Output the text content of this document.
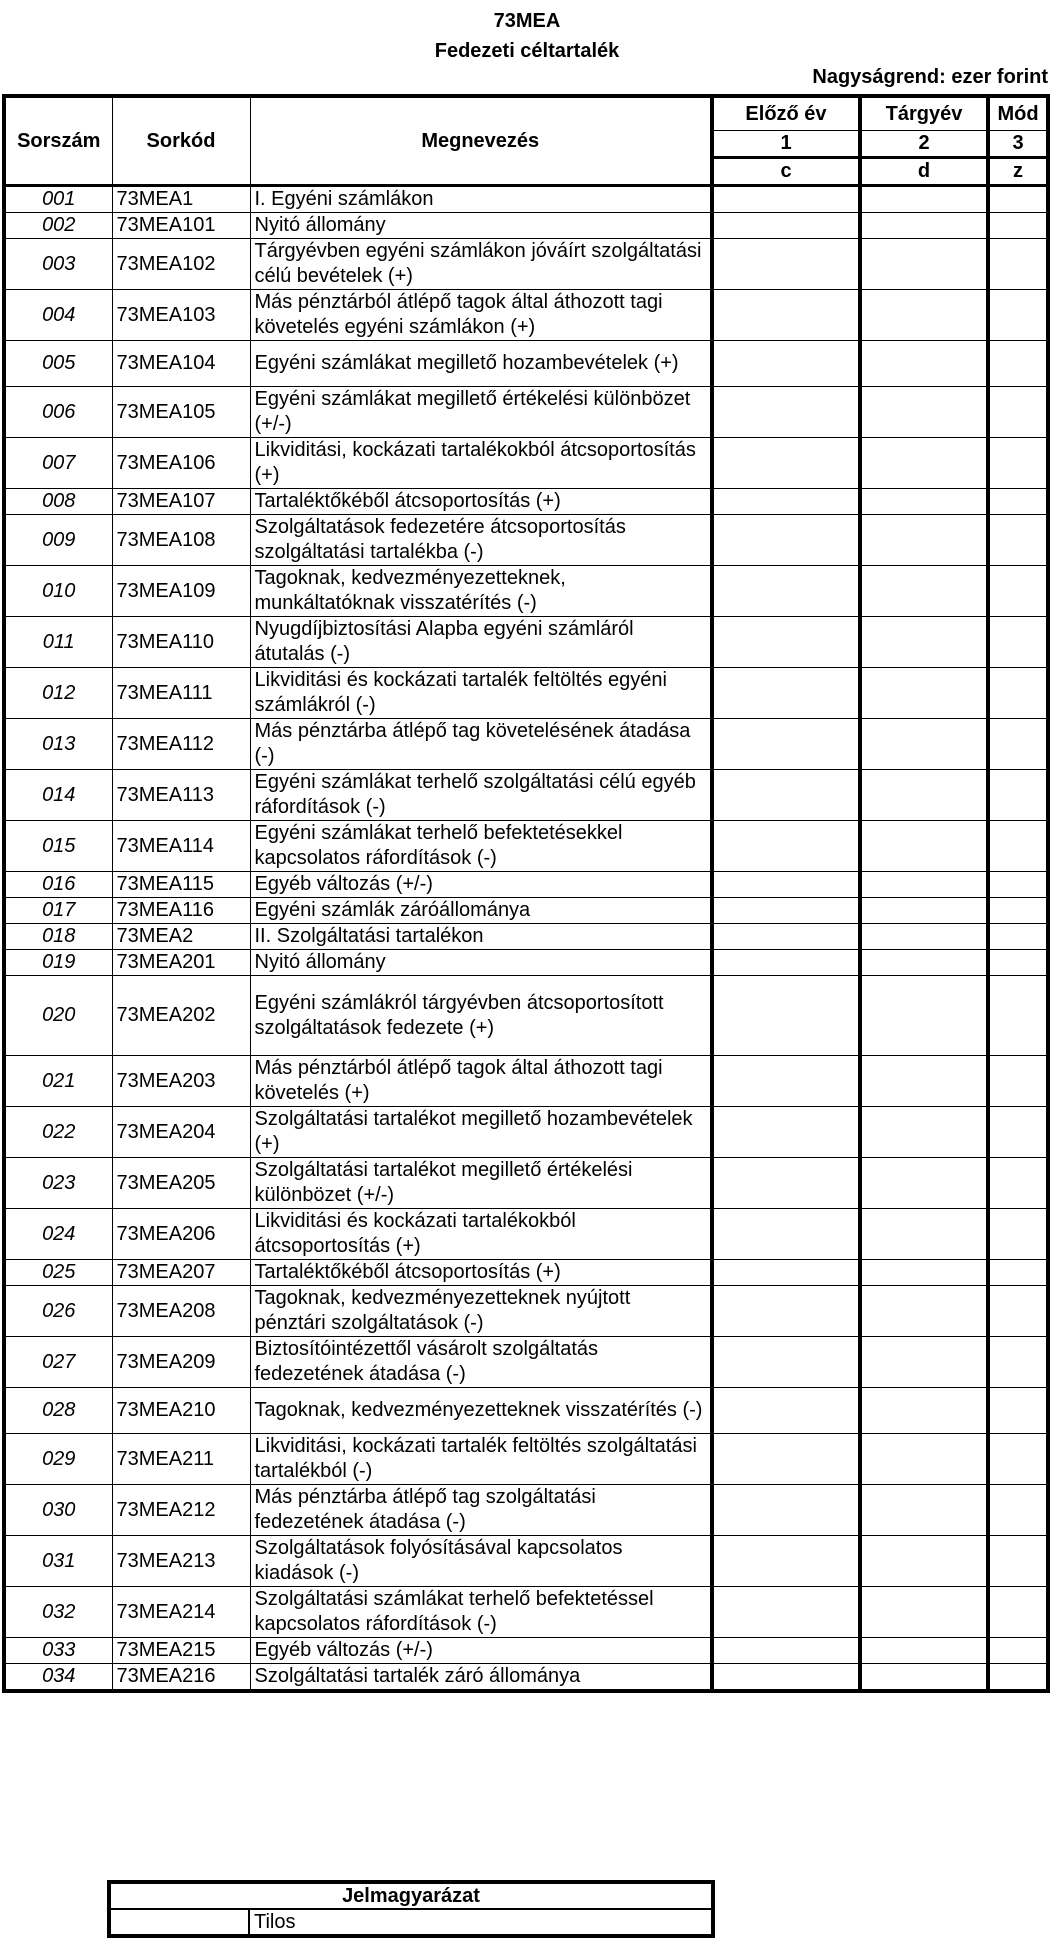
73MEA
Fedezeti céltartalék
Nagyságrend: ezer forint
Sorszám	Sorkód	Megnevezés	Előző év	Tárgyév	Mód
			1	2	3
			c	d	z
001	73MEA1	I. Egyéni számlákon			
002	73MEA101	Nyitó állomány			
003	73MEA102	Tárgyévben egyéni számlákon jóváírt szolgáltatási célú bevételek (+)			
004	73MEA103	Más pénztárból átlépő tagok által áthozott tagi követelés egyéni számlákon (+)			
005	73MEA104	Egyéni számlákat megillető hozambevételek (+)			
006	73MEA105	Egyéni számlákat megillető értékelési különbözet (+/-)			
007	73MEA106	Likviditási, kockázati tartalékokból átcsoportosítás (+)			
008	73MEA107	Tartaléktőkéből átcsoportosítás (+)			
009	73MEA108	Szolgáltatások fedezetére átcsoportosítás szolgáltatási tartalékba (-)			
010	73MEA109	Tagoknak, kedvezményezetteknek, munkáltatóknak visszatérítés (-)			
011	73MEA110	Nyugdíjbiztosítási Alapba egyéni számláról átutalás (-)			
012	73MEA111	Likviditási és kockázati tartalék feltöltés egyéni számlákról (-)			
013	73MEA112	Más pénztárba átlépő tag követelésének átadása (-)			
014	73MEA113	Egyéni számlákat terhelő szolgáltatási célú egyéb ráfordítások (-)			
015	73MEA114	Egyéni számlákat terhelő befektetésekkel kapcsolatos ráfordítások (-)			
016	73MEA115	Egyéb változás (+/-)			
017	73MEA116	Egyéni számlák záróállománya			
018	73MEA2	II. Szolgáltatási tartalékon			
019	73MEA201	Nyitó állomány			
020	73MEA202	Egyéni számlákról tárgyévben átcsoportosított szolgáltatások fedezete (+)			
021	73MEA203	Más pénztárból átlépő tagok által áthozott tagi követelés (+)			
022	73MEA204	Szolgáltatási tartalékot megillető hozambevételek (+)			
023	73MEA205	Szolgáltatási tartalékot megillető értékelési különbözet (+/-)			
024	73MEA206	Likviditási és kockázati tartalékokból átcsoportosítás (+)			
025	73MEA207	Tartaléktőkéből átcsoportosítás (+)			
026	73MEA208	Tagoknak, kedvezményezetteknek nyújtott pénztári szolgáltatások (-)			
027	73MEA209	Biztosítóintézettől vásárolt szolgáltatás fedezetének átadása (-)			
028	73MEA210	Tagoknak, kedvezményezetteknek visszatérítés (-)			
029	73MEA211	Likviditási, kockázati tartalék feltöltés szolgáltatási tartalékból (-)			
030	73MEA212	Más pénztárba átlépő tag szolgáltatási fedezetének átadása (-)			
031	73MEA213	Szolgáltatások folyósításával kapcsolatos kiadások (-)			
032	73MEA214	Szolgáltatási számlákat terhelő befektetéssel kapcsolatos ráfordítások (-)			
033	73MEA215	Egyéb változás (+/-)			
034	73MEA216	Szolgáltatási tartalék záró állománya			
Jelmagyarázat
	Tilos
